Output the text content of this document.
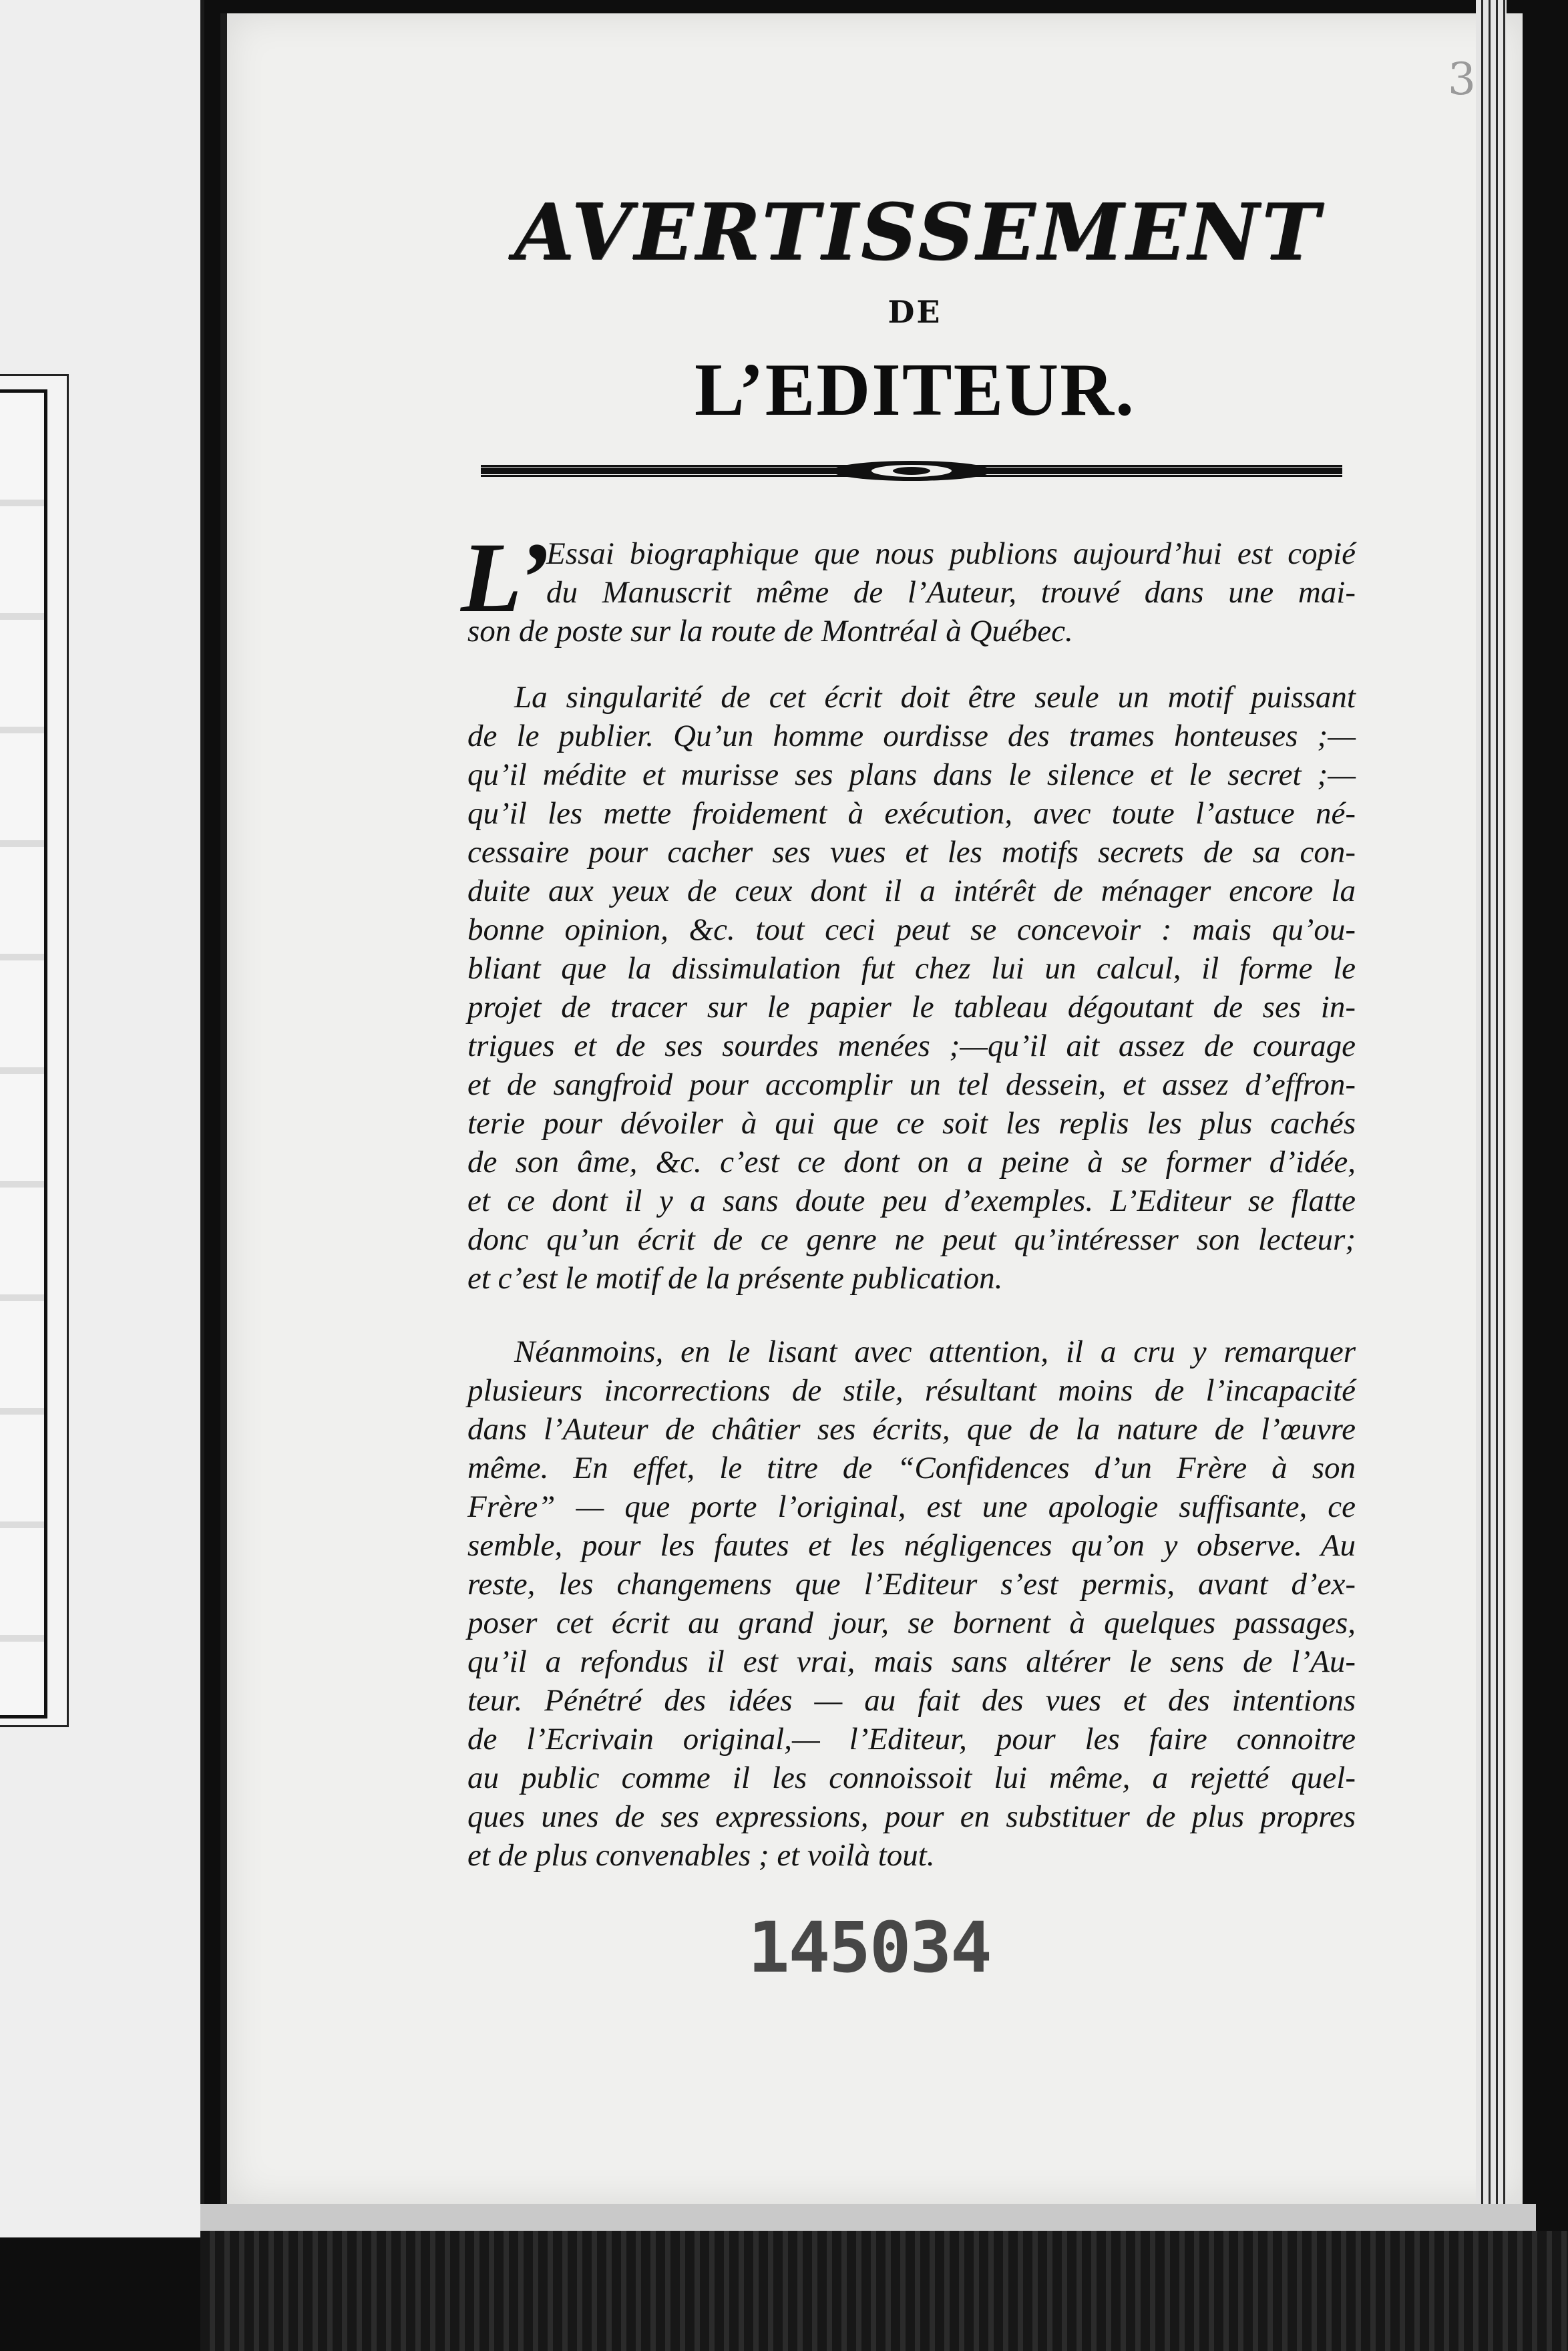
3
AVERTISSEMENT
DE
L’EDITEUR.
L’
Essai biographique que nous publions aujourd’hui est copié
du Manuscrit même de l’Auteur, trouvé dans une mai-
son de poste sur la route de Montréal à Québec.
La singularité de cet écrit doit être seule un motif puissant
de le publier. Qu’un homme ourdisse des trames honteuses ;—
qu’il médite et murisse ses plans dans le silence et le secret ;—
qu’il les mette froidement à exécution, avec toute l’astuce né-
cessaire pour cacher ses vues et les motifs secrets de sa con-
duite aux yeux de ceux dont il a intérêt de ménager encore la
bonne opinion, &c. tout ceci peut se concevoir : mais qu’ou-
bliant que la dissimulation fut chez lui un calcul, il forme le
projet de tracer sur le papier le tableau dégoutant de ses in-
trigues et de ses sourdes menées ;—qu’il ait assez de courage
et de sangfroid pour accomplir un tel dessein, et assez d’effron-
terie pour dévoiler à qui que ce soit les replis les plus cachés
de son âme, &c. c’est ce dont on a peine à se former d’idée,
et ce dont il y a sans doute peu d’exemples. L’Editeur se flatte
donc qu’un écrit de ce genre ne peut qu’intéresser son lecteur;
et c’est le motif de la présente publication.
Néanmoins, en le lisant avec attention, il a cru y remarquer
plusieurs incorrections de stile, résultant moins de l’incapacité
dans l’Auteur de châtier ses écrits, que de la nature de l’œuvre
même. En effet, le titre de “Confidences d’un Frère à son
Frère” — que porte l’original, est une apologie suffisante, ce
semble, pour les fautes et les négligences qu’on y observe. Au
reste, les changemens que l’Editeur s’est permis, avant d’ex-
poser cet écrit au grand jour, se bornent à quelques passages,
qu’il a refondus il est vrai, mais sans altérer le sens de l’Au-
teur. Pénétré des idées — au fait des vues et des intentions
de l’Ecrivain original,— l’Editeur, pour les faire connoitre
au public comme il les connoissoit lui même, a rejetté quel-
ques unes de ses expressions, pour en substituer de plus propres
et de plus convenables ; et voilà tout.
145034
